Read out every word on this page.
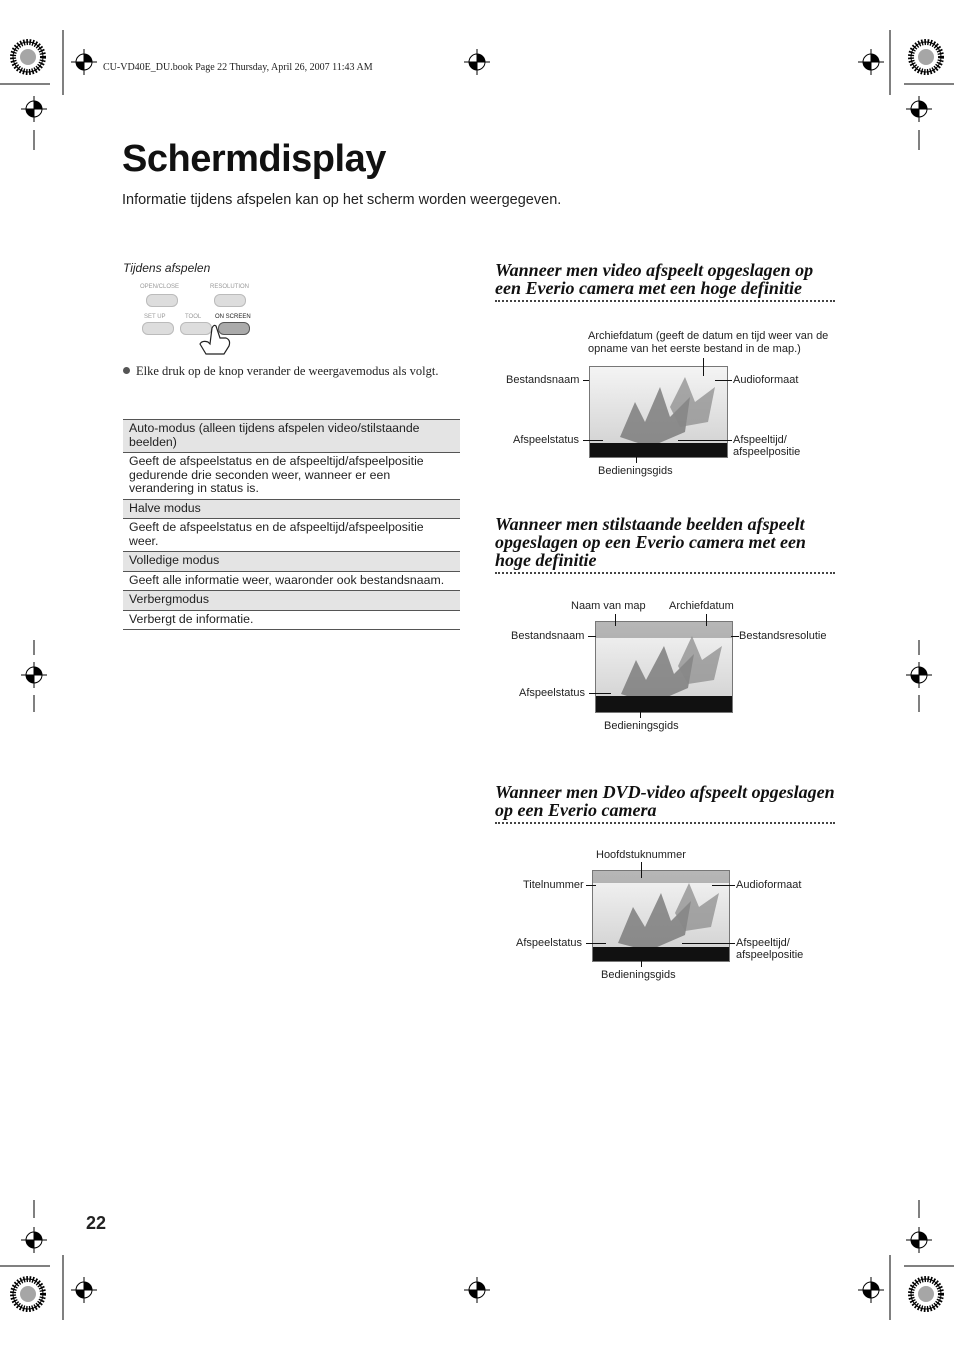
CU-VD40E_DU.book Page 22 Thursday, April 26, 2007 11:43 AM
Schermdisplay
Informatie tijdens afspelen kan op het scherm worden weergegeven.
Tijdens afspelen
OPEN/CLOSE	RESOLUTION
SET UP	TOOL ON SCREEN
Elke druk op de knop verander de weergavemodus als volgt.
Auto-modus (alleen tijdens afspelen video/stilstaande beelden)
Geeft de afspeelstatus en de afspeeltijd/afspeelpositie gedurende drie seconden weer, wanneer er een verandering in status is.
Halve modus
Geeft de afspeelstatus en de afspeeltijd/afspeelpositie weer.
Volledige modus
Geeft alle informatie weer, waaronder ook bestandsnaam.
Verbergmodus
Verbergt de informatie.
Wanneer men video afspeelt opgeslagen op een Everio camera met een hoge definitie
Archiefdatum (geeft de datum en tijd weer van de opname van het eerste bestand in de map.)
Bestandsnaam	Audioformaat
Afspeelstatus	Afspeeltijd/
afspeelpositie
Bedieningsgids
Wanneer men stilstaande beelden afspeelt opgeslagen op een Everio camera met een hoge definitie
Naam van map Archiefdatum
Bestandsnaam	Bestandsresolutie
Afspeelstatus
Bedieningsgids
Wanneer men DVD-video afspeelt opgeslagen op een Everio camera
Hoofdstuknummer
Titelnummer	Audioformaat
Afspeelstatus	Afspeeltijd/
afspeelpositie
Bedieningsgids
22
